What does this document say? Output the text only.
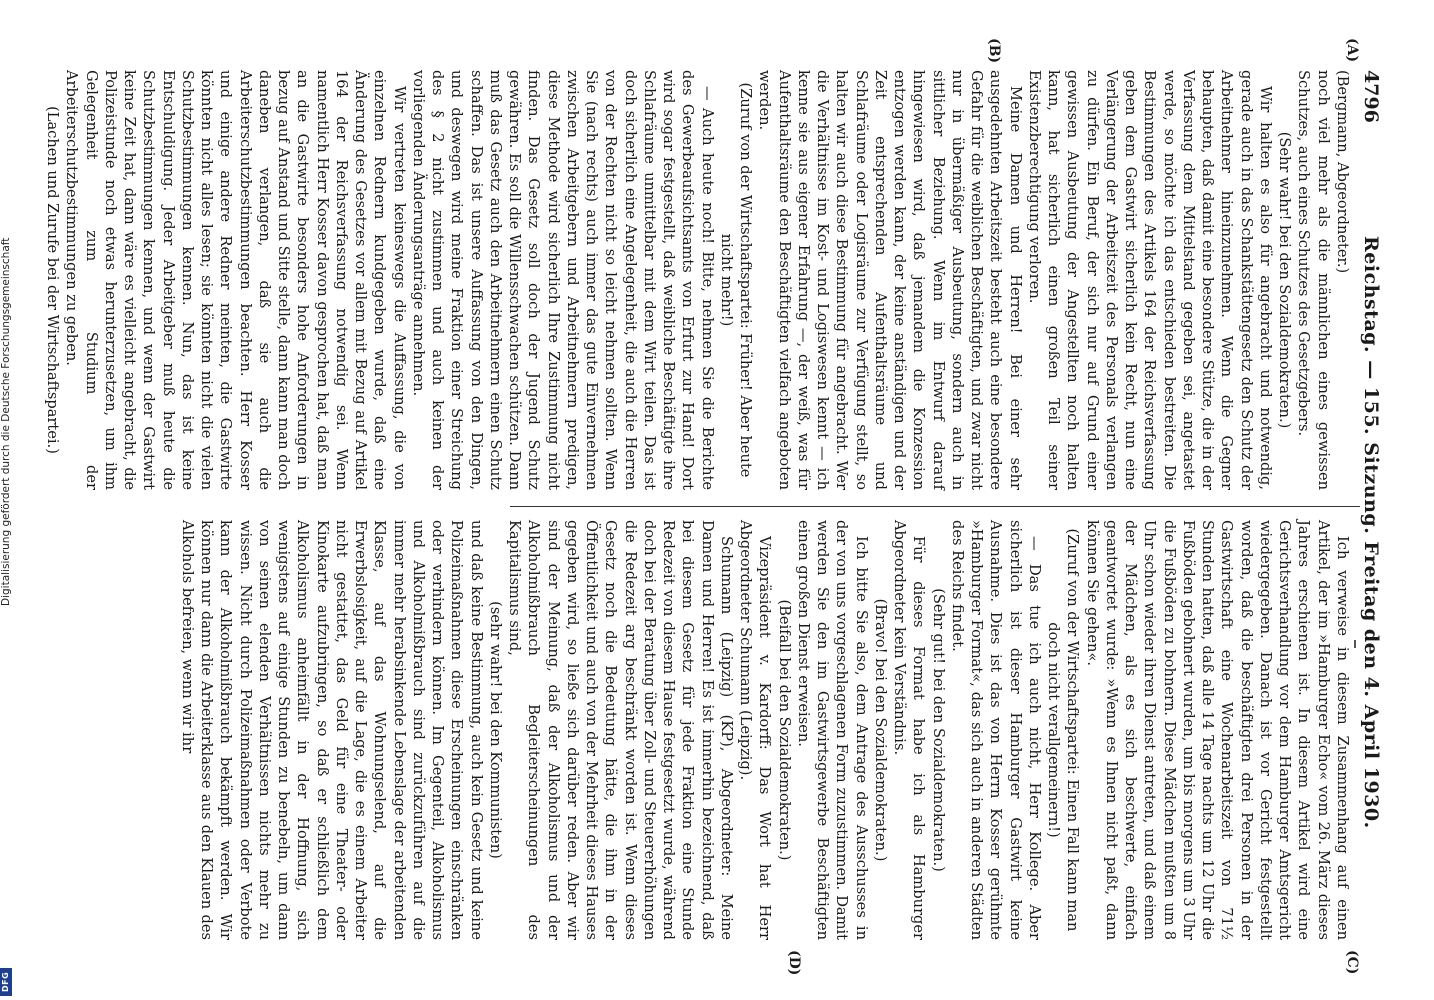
4796
Reichstag. — 155. Sitzung. Freitag den 4. April 1930.
(A)
(B)
(C)
(D)

(Bergmann, Abgeordneter.)

noch viel mehr als die männlichen eines gewissen Schutzes, auch eines Schutzes des Gesetzgebers.

(Sehr wahr! bei den Sozialdemokraten.)

Wir halten es also für angebracht und notwendig, gerade auch in das Schankstättengesetz den Schutz der Arbeitnehmer hineinzunehmen. Wenn die Gegner behaupten, daß damit eine besondere Stütze, die in der Verfassung dem Mittelstand gegeben sei, angetastet werde, so möchte ich das entschieden bestreiten. Die Bestimmungen des Artikels 164 der Reichsverfassung geben dem Gastwirt sicherlich kein Recht, nun eine Verlängerung der Arbeitszeit des Personals verlangen zu dürfen. Ein Beruf, der sich nur auf Grund einer gewissen Ausbeutung der Angestellten noch halten kann, hat sicherlich einen großen Teil seiner Existenzberechtigung verloren.

Meine Damen und Herren! Bei einer sehr ausgedehnten Arbeitszeit besteht auch eine besondere Gefahr für die weiblichen Beschäftigten, und zwar nicht nur in übermäßiger Ausbeutung, sondern auch in sittlicher Beziehung. Wenn im Entwurf darauf hingewiesen wird, daß jemandem die Konzession entzogen werden kann, der keine anständigen und der Zeit entsprechenden Aufenthaltsräume und Schlafräume oder Logisräume zur Verfügung stellt, so halten wir auch diese Bestimmung für angebracht. Wer die Verhältnisse im Kost- und Logiswesen kennt — ich kenne sie aus eigener Erfahrung —, der weiß, was für Aufenthaltsräume den Beschäftigten vielfach angeboten werden.

(Zuruf von der Wirtschaftspartei: Früher! Aber heute nicht mehr!)

— Auch heute noch! Bitte, nehmen Sie die Berichte des Gewerbeaufsichtsamts von Erfurt zur Hand! Dort wird sogar festgestellt, daß weibliche Beschäftigte ihre Schlafräume unmittelbar mit dem Wirt teilen. Das ist doch sicherlich eine Angelegenheit, die auch die Herren von der Rechten nicht so leicht nehmen sollten. Wenn Sie (nach rechts) auch immer das gute Einvernehmen zwischen Arbeitgebern und Arbeitnehmern predigen, diese Methode wird sicherlich Ihre Zustimmung nicht finden. Das Gesetz soll doch der Jugend Schutz gewähren. Es soll die Willensschwachen schützen. Dann muß das Gesetz auch den Arbeitnehmern einen Schutz schaffen. Das ist unsere Auffassung von den Dingen, und deswegen wird meine Fraktion einer Streichung des § 2 nicht zustimmen und auch keinen der vorliegenden Änderungsanträge annehmen.

Wir vertreten keineswegs die Auffassung, die von einzelnen Rednern kundgegeben wurde, daß eine Änderung des Gesetzes vor allem mit Bezug auf Artikel 164 der Reichsverfassung notwendig sei. Wenn namentlich Herr Kosser davon gesprochen hat, daß man an die Gastwirte besonders hohe Anforderungen in bezug auf Anstand und Sitte stelle, dann kann man doch daneben verlangen, daß sie auch die Arbeiterschutzbestimmungen beachten. Herr Kosser und einige andere Redner meinten, die Gastwirte könnten nicht alles lesen; sie könnten nicht die vielen Schutzbestimmungen kennen. Nun, das ist keine Entschuldigung. Jeder Arbeitgeber muß heute die Schutzbestimmungen kennen, und wenn der Gastwirt keine Zeit hat, dann wäre es vielleicht angebracht, die Polizeistunde noch etwas herunterzusetzen, um ihm Gelegenheit zum Studium der Arbeiterschutzbestimmungen zu geben.

(Lachen und Zurufe bei der Wirtschaftspartei.)

Ich verweise in diesem Zusammenhang auf einen Artikel, der im »Hamburger Echo« vom 26. März dieses Jahres erschienen ist. In diesem Artikel wird eine Gerichtsverhandlung vor dem Hamburger Amtsgericht wiedergegeben. Danach ist vor Gericht festgestellt worden, daß die beschäftigten drei Personen in der Gastwirtschaft eine Wochenarbeitszeit von 71½ Stunden hatten, daß alle 14 Tage nachts um 12 Uhr die Fußböden gebohnert wurden, um bis morgens um 3 Uhr die Fußböden zu bohnern. Diese Mädchen mußten um 8 Uhr schon wieder ihren Dienst antreten, und daß einem der Mädchen, als es sich beschwerte, einfach geantwortet wurde: »Wenn es Ihnen nicht paßt, dann können Sie gehen«.

(Zuruf von der Wirtschaftspartei: Einen Fall kann man doch nicht verallgemeinern!)

— Das tue ich auch nicht, Herr Kollege. Aber sicherlich ist dieser Hamburger Gastwirt keine Ausnahme. Dies ist das von Herrn Kosser gerühmte »Hamburger Format«, das sich auch in anderen Städten des Reichs findet.

(Sehr gut! bei den Sozialdemokraten.)

Für dieses Format habe ich als Hamburger Abgeordneter kein Verständnis.

(Bravo! bei den Sozialdemokraten.)

Ich bitte Sie also, dem Antrage des Ausschusses in der von uns vorgeschlagenen Form zuzustimmen. Damit werden Sie den im Gastwirtsgewerbe Beschäftigten einen großen Dienst erweisen.

(Beifall bei den Sozialdemokraten.)

Vizepräsident v. Kardorff: Das Wort hat Herr Abgeordneter Schumann (Leipzig).

Schumann (Leipzig) (KP), Abgeordneter: Meine Damen und Herren! Es ist immerhin bezeichnend, daß bei diesem Gesetz für jede Fraktion eine Stunde Redezeit von diesem Hause festgesetzt wurde, während doch bei der Beratung über Zoll- und Steuererhöhungen die Redezeit arg beschränkt worden ist. Wenn dieses Gesetz noch die Bedeutung hätte, die ihm in der Öffentlichkeit und auch von der Mehrheit dieses Hauses gegeben wird, so ließe sich darüber reden. Aber wir sind der Meinung, daß der Alkoholismus und der Alkoholmißbrauch Begleiterscheinungen des Kapitalismus sind,

(sehr wahr! bei den Kommunisten)

und daß keine Bestimmung, auch kein Gesetz und keine Polizeimaßnahmen diese Erscheinungen einschränken oder verhindern können. Im Gegenteil, Alkoholismus und Alkoholmißbrauch sind zurückzuführen auf die immer mehr herabsinkende Lebenslage der arbeitenden Klasse, auf das Wohnungselend, auf die Erwerbslosigkeit, auf die Lage, die es einem Arbeiter nicht gestattet, das Geld für eine Theater- oder Kinokarte aufzubringen, so daß er schließlich dem Alkoholismus anheimfällt in der Hoffnung, sich wenigstens auf einige Stunden zu benebeln, um dann von seinen elenden Verhältnissen nichts mehr zu wissen. Nicht durch Polizeimaßnahmen oder Verbote kann der Alkoholmißbrauch bekämpft werden. Wir können nur dann die Arbeiterklasse aus den Klauen des Alkohols befreien, wenn wir ihr

Digitalisierung gefördert durch die Deutsche Forschungsgemeinschaft
DFG
